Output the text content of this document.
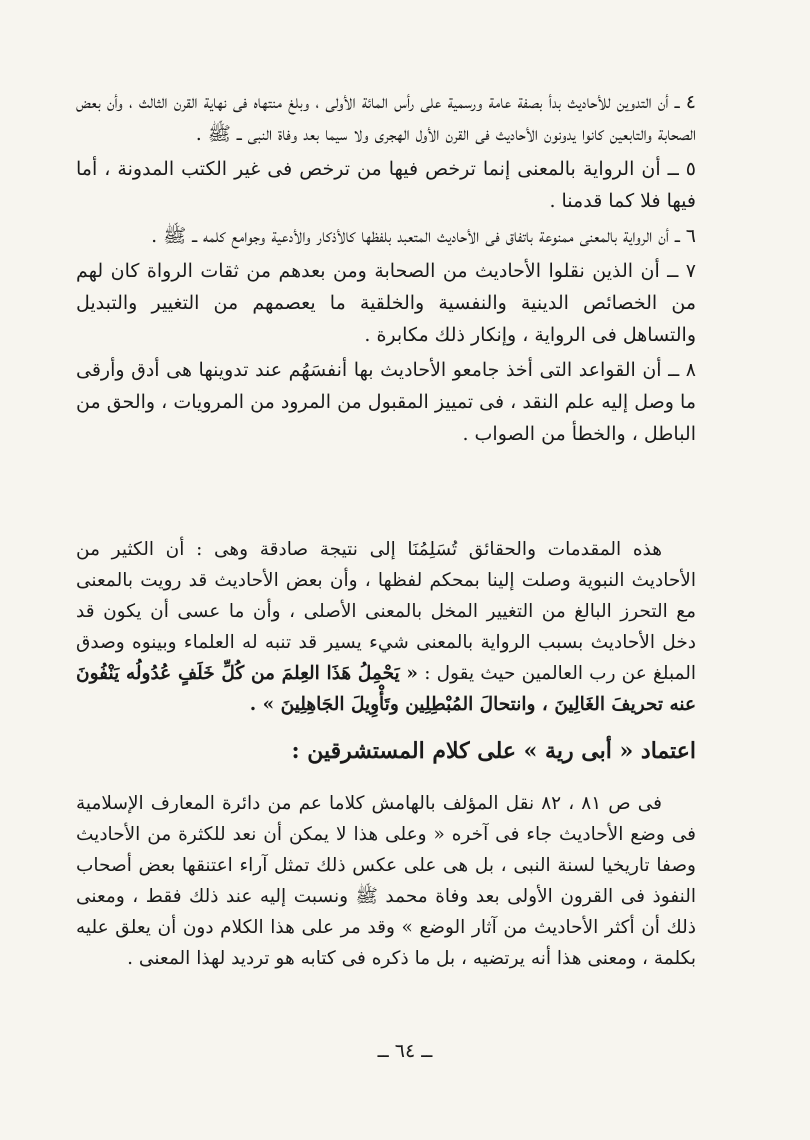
٤ ــ أن التدوين للأحاديث بدأ بصفة عامة ورسمية على رأس المائة الأولى ، وبلغ منتهاه فى نهاية القرن الثالث ، وأن بعض الصحابة والتابعين كانوا يدونون الأحاديث فى القرن الأول الهجرى ولا سيما بعد وفاة النبى ــ ﷺ .

٥ ــ أن الرواية بالمعنى إنما ترخص فيها من ترخص فى غير الكتب المدونة ، أما فيها فلا كما قدمنا .

٦ ــ أن الرواية بالمعنى ممنوعة باتفاق فى الأحاديث المتعبد بلفظها كالأذكار والأدعية وجوامع كلمه ــ ﷺ .

٧ ــ أن الذين نقلوا الأحاديث من الصحابة ومن بعدهم من ثقات الرواة كان لهم من الخصائص الدينية والنفسية والخلقية ما يعصمهم من التغيير والتبديل والتساهل فى الرواية ، وإنكار ذلك مكابرة .

٨ ــ أن القواعد التى أخذ جامعو الأحاديث بها أنفسَهُم عند تدوينها هى أدق وأرقى ما وصل إليه علم النقد ، فى تمييز المقبول من المرود من المرويات ، والحق من الباطل ، والخطأ من الصواب .

هذه المقدمات والحقائق تُسَلِمُنَا إلى نتيجة صادقة وهى : أن الكثير من الأحاديث النبوية وصلت إلينا بمحكم لفظها ، وأن بعض الأحاديث قد رويت بالمعنى مع التحرز البالغ من التغيير المخل بالمعنى الأصلى ، وأن ما عسى أن يكون قد دخل الأحاديث بسبب الرواية بالمعنى شيء يسير قد تنبه له العلماء وبينوه وصدق المبلغ عن رب العالمين حيث يقول : « يَحْمِلُ هَذَا العِلمَ من كُلِّ خَلَفٍ عُدُولُه يَنْفُونَ عنه تحريفَ الغَالِينَ ، وانتحالَ المُبْطِلِين وتَأْوِيلَ الجَاهِلِينَ » .

اعتماد « أبى رية » على كلام المستشرقين :

فى ص ٨١ ، ٨٢ نقل المؤلف بالهامش كلاما عم من دائرة المعارف الإسلامية فى وضع الأحاديث جاء فى آخره « وعلى هذا لا يمكن أن نعد للكثرة من الأحاديث وصفا تاريخيا لسنة النبى ، بل هى على عكس ذلك تمثل آراء اعتنقها بعض أصحاب النفوذ فى القرون الأولى بعد وفاة محمد ﷺ ونسبت إليه عند ذلك فقط ، ومعنى ذلك أن أكثر الأحاديث من آثار الوضع » وقد مر على هذا الكلام دون أن يعلق عليه بكلمة ، ومعنى هذا أنه يرتضيه ، بل ما ذكره فى كتابه هو ترديد لهذا المعنى .

ــ ٦٤ ــ
